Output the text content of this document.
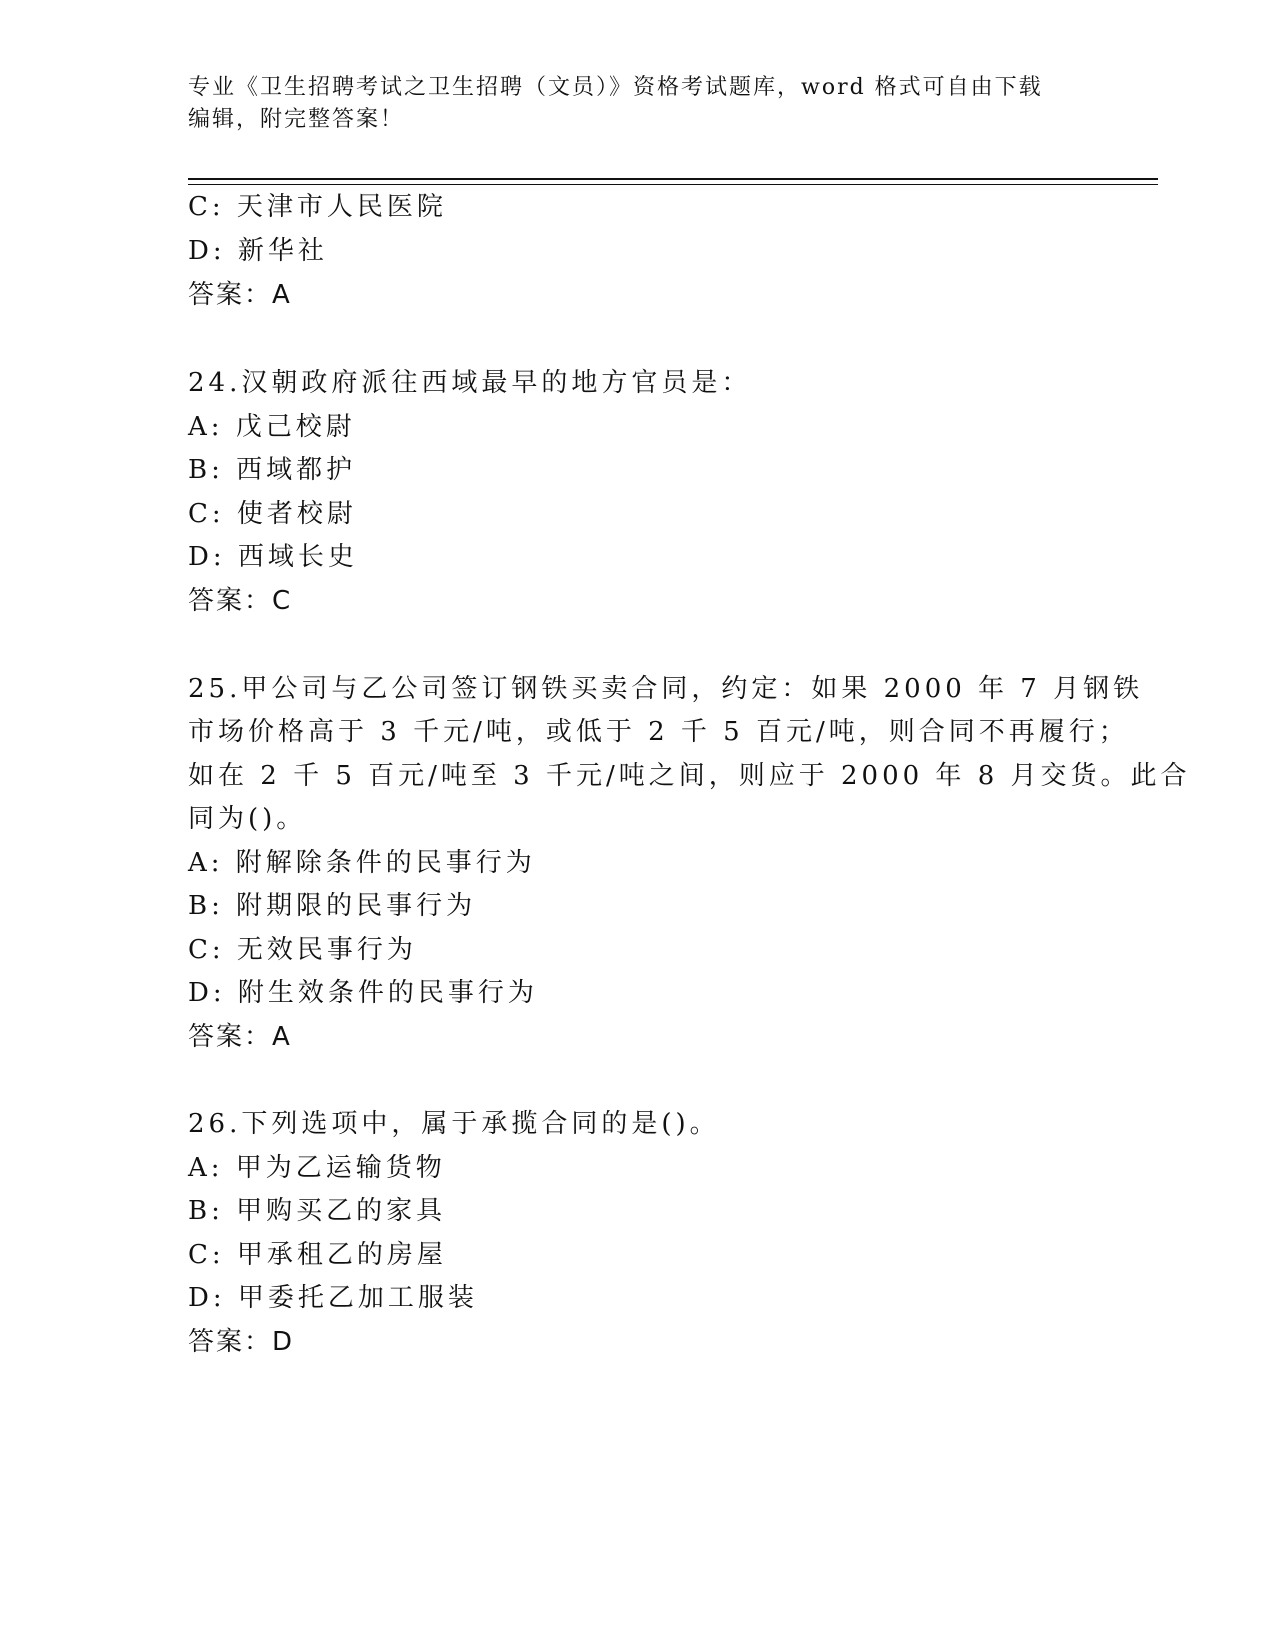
专业《卫生招聘考试之卫生招聘（文员）》资格考试题库，word 格式可自由下载
编辑，附完整答案！
C: 天津市人民医院
D: 新华社
答案：A
24.汉朝政府派往西域最早的地方官员是：
A: 戊己校尉
B: 西域都护
C: 使者校尉
D: 西域长史
答案：C
25.甲公司与乙公司签订钢铁买卖合同，约定：如果 2000 年 7 月钢铁
市场价格高于 3 千元/吨，或低于 2 千 5 百元/吨，则合同不再履行；
如在 2 千 5 百元/吨至 3 千元/吨之间，则应于 2000 年 8 月交货。此合
同为()。
A: 附解除条件的民事行为
B: 附期限的民事行为
C: 无效民事行为
D: 附生效条件的民事行为
答案：A
26.下列选项中，属于承揽合同的是()。
A: 甲为乙运输货物
B: 甲购买乙的家具
C: 甲承租乙的房屋
D: 甲委托乙加工服装
答案：D
